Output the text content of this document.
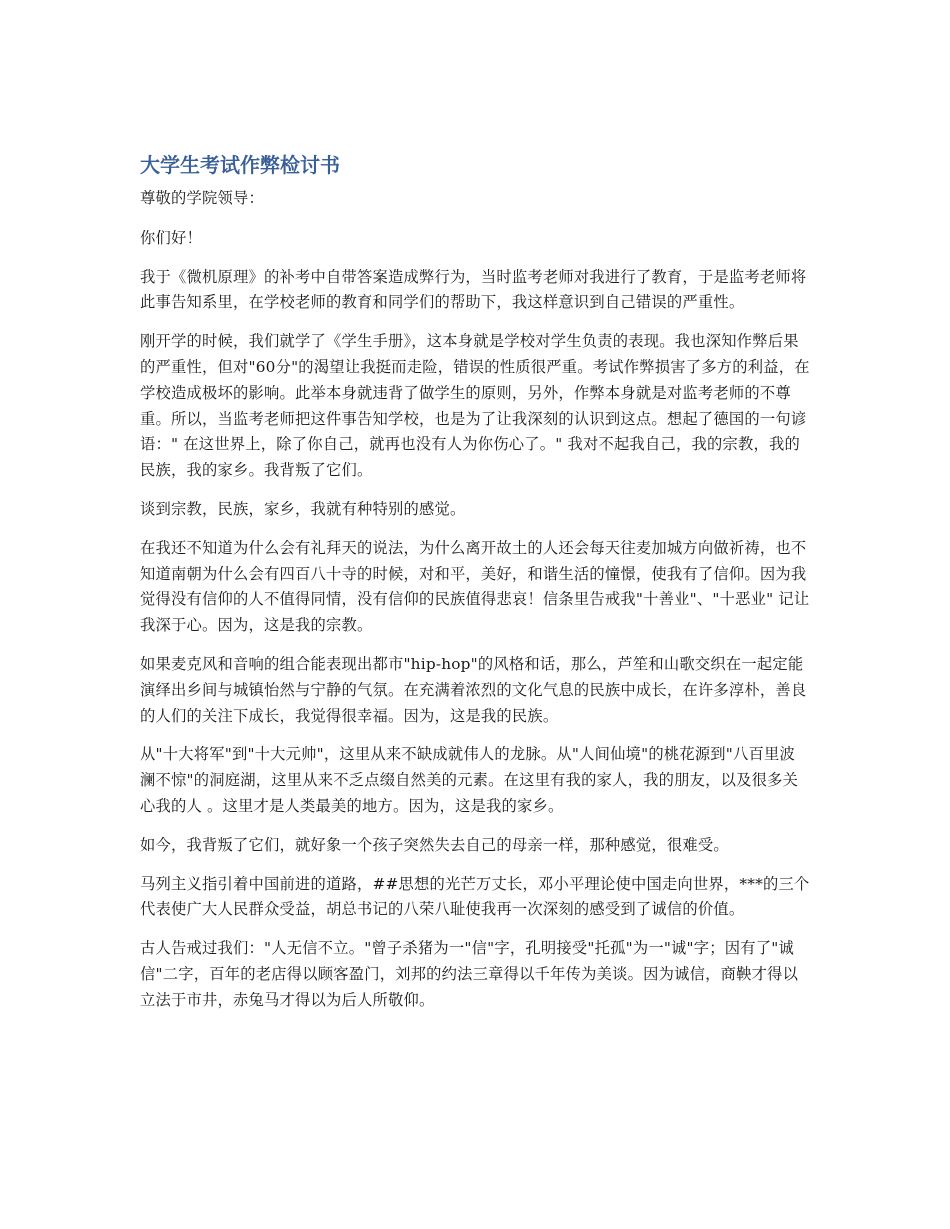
大学生考试作弊检讨书

尊敬的学院领导：

你们好！

我于《微机原理》的补考中自带答案造成弊行为，当时监考老师对我进行了教育，于是监考老师将此事告知系里，在学校老师的教育和同学们的帮助下，我这样意识到自己错误的严重性。

刚开学的时候，我们就学了《学生手册》，这本身就是学校对学生负责的表现。我也深知作弊后果的严重性，但对"60分"的渴望让我挺而走险，错误的性质很严重。考试作弊损害了多方的利益，在学校造成极坏的影响。此举本身就违背了做学生的原则，另外，作弊本身就是对监考老师的不尊重。所以，当监考老师把这件事告知学校，也是为了让我深刻的认识到这点。想起了德国的一句谚语：" 在这世界上，除了你自己，就再也没有人为你伤心了。" 我对不起我自己，我的宗教，我的民族，我的家乡。我背叛了它们。

谈到宗教，民族，家乡，我就有种特别的感觉。

在我还不知道为什么会有礼拜天的说法，为什么离开故土的人还会每天往麦加城方向做祈祷，也不知道南朝为什么会有四百八十寺的时候，对和平，美好，和谐生活的憧憬，使我有了信仰。因为我觉得没有信仰的人不值得同情，没有信仰的民族值得悲哀！信条里告戒我"十善业"、"十恶业" 记让我深于心。因为，这是我的宗教。

如果麦克风和音响的组合能表现出都市"hip-hop"的风格和话，那么，芦笙和山歌交织在一起定能演绎出乡间与城镇怡然与宁静的气氛。在充满着浓烈的文化气息的民族中成长，在许多淳朴，善良的人们的关注下成长，我觉得很幸福。因为，这是我的民族。

从"十大将军"到"十大元帅"，这里从来不缺成就伟人的龙脉。从"人间仙境"的桃花源到"八百里波澜不惊"的洞庭湖，这里从来不乏点缀自然美的元素。在这里有我的家人，我的朋友，以及很多关心我的人 。这里才是人类最美的地方。因为，这是我的家乡。

如今，我背叛了它们，就好象一个孩子突然失去自己的母亲一样，那种感觉，很难受。

马列主义指引着中国前进的道路，##思想的光芒万丈长，邓小平理论使中国走向世界，***的三个代表使广大人民群众受益，胡总书记的八荣八耻使我再一次深刻的感受到了诚信的价值。

古人告戒过我们："人无信不立。"曾子杀猪为一"信"字，孔明接受"托孤"为一"诚"字；因有了"诚信"二字，百年的老店得以顾客盈门，刘邦的约法三章得以千年传为美谈。因为诚信，商鞅才得以立法于市井，赤兔马才得以为后人所敬仰。
